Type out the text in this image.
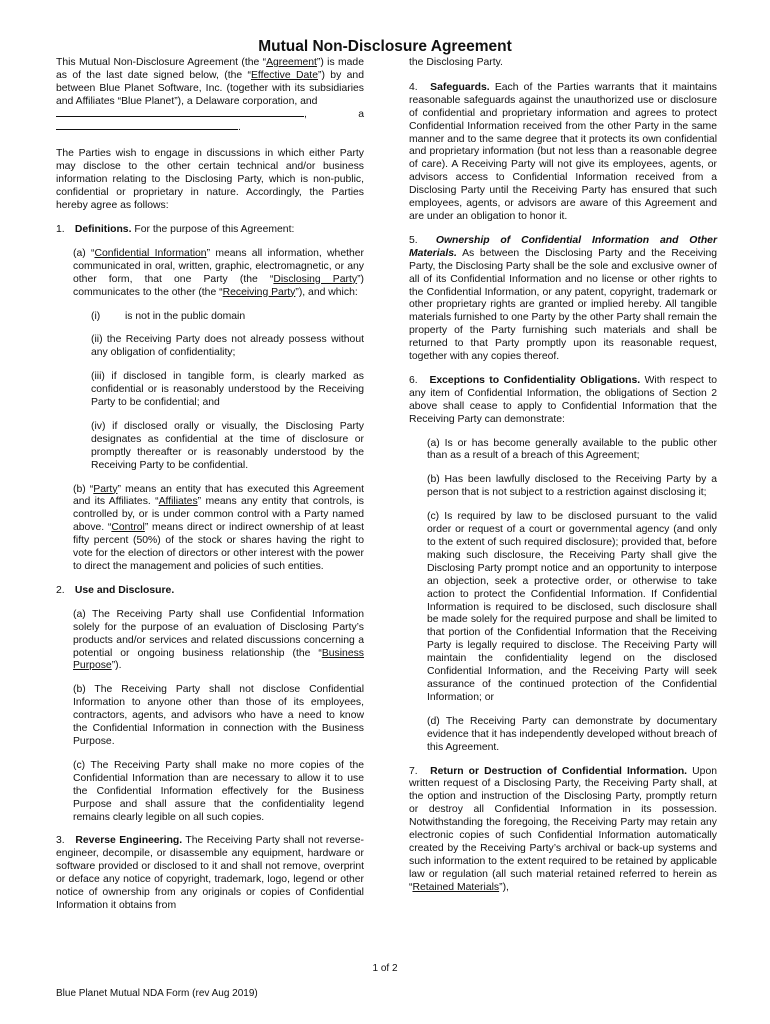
Mutual Non-Disclosure Agreement

This Mutual Non-Disclosure Agreement (the “Agreement”) is made as of the last date signed below, (the “Effective Date”) by and between Blue Planet Software, Inc. (together with its subsidiaries and Affiliates “Blue Planet”), a Delaware corporation, and
, a
.

The Parties wish to engage in discussions in which either Party may disclose to the other certain technical and/or business information relating to the Disclosing Party, which is non-public, confidential or proprietary in nature. Accordingly, the Parties hereby agree as follows:

1. Definitions. For the purpose of this Agreement:

(a) “Confidential Information” means all information, whether communicated in oral, written, graphic, electromagnetic, or any other form, that one Party (the “Disclosing Party”) communicates to the other (the “Receiving Party”), and which:

(i) is not in the public domain

(ii) the Receiving Party does not already possess without any obligation of confidentiality;

(iii) if disclosed in tangible form, is clearly marked as confidential or is reasonably understood by the Receiving Party to be confidential; and

(iv) if disclosed orally or visually, the Disclosing Party designates as confidential at the time of disclosure or promptly thereafter or is reasonably understood by the Receiving Party to be confidential.

(b) “Party” means an entity that has executed this Agreement and its Affiliates. “Affiliates” means any entity that controls, is controlled by, or is under common control with a Party named above. “Control” means direct or indirect ownership of at least fifty percent (50%) of the stock or shares having the right to vote for the election of directors or other interest with the power to direct the management and policies of such entities.

2. Use and Disclosure.

(a) The Receiving Party shall use Confidential Information solely for the purpose of an evaluation of Disclosing Party’s products and/or services and related discussions concerning a potential or ongoing business relationship (the “Business Purpose”).

(b) The Receiving Party shall not disclose Confidential Information to anyone other than those of its employees, contractors, agents, and advisors who have a need to know the Confidential Information in connection with the Business Purpose.

(c) The Receiving Party shall make no more copies of the Confidential Information than are necessary to allow it to use the Confidential Information effectively for the Business Purpose and shall assure that the confidentiality legend remains clearly legible on all such copies.

3. Reverse Engineering. The Receiving Party shall not reverse-engineer, decompile, or disassemble any equipment, hardware or software provided or disclosed to it and shall not remove, overprint or deface any notice of copyright, trademark, logo, legend or other notice of ownership from any originals or copies of Confidential Information it obtains from

the Disclosing Party.

4. Safeguards. Each of the Parties warrants that it maintains reasonable safeguards against the unauthorized use or disclosure of confidential and proprietary information and agrees to protect Confidential Information received from the other Party in the same manner and to the same degree that it protects its own confidential and proprietary information (but not less than a reasonable degree of care). A Receiving Party will not give its employees, agents, or advisors access to Confidential Information received from a Disclosing Party until the Receiving Party has ensured that such employees, agents, or advisors are aware of this Agreement and are under an obligation to honor it.

5. Ownership of Confidential Information and Other Materials. As between the Disclosing Party and the Receiving Party, the Disclosing Party shall be the sole and exclusive owner of all of its Confidential Information and no license or other rights to the Confidential Information, or any patent, copyright, trademark or other proprietary rights are granted or implied hereby. All tangible materials furnished to one Party by the other Party shall remain the property of the Party furnishing such materials and shall be returned to that Party promptly upon its reasonable request, together with any copies thereof.

6. Exceptions to Confidentiality Obligations. With respect to any item of Confidential Information, the obligations of Section 2 above shall cease to apply to Confidential Information that the Receiving Party can demonstrate:

(a) Is or has become generally available to the public other than as a result of a breach of this Agreement;

(b) Has been lawfully disclosed to the Receiving Party by a person that is not subject to a restriction against disclosing it;

(c) Is required by law to be disclosed pursuant to the valid order or request of a court or governmental agency (and only to the extent of such required disclosure); provided that, before making such disclosure, the Receiving Party shall give the Disclosing Party prompt notice and an opportunity to interpose an objection, seek a protective order, or otherwise to take action to protect the Confidential Information. If Confidential Information is required to be disclosed, such disclosure shall be made solely for the required purpose and shall be limited to that portion of the Confidential Information that the Receiving Party is legally required to disclose. The Receiving Party will maintain the confidentiality legend on the disclosed Confidential Information, and the Receiving Party will seek assurance of the continued protection of the Confidential Information; or

(d) The Receiving Party can demonstrate by documentary evidence that it has independently developed without breach of this Agreement.

7. Return or Destruction of Confidential Information. Upon written request of a Disclosing Party, the Receiving Party shall, at the option and instruction of the Disclosing Party, promptly return or destroy all Confidential Information in its possession. Notwithstanding the foregoing, the Receiving Party may retain any electronic copies of such Confidential Information automatically created by the Receiving Party’s archival or back-up systems and such information to the extent required to be retained by applicable law or regulation (all such material retained referred to herein as “Retained Materials”),

1 of 2
Blue Planet Mutual NDA Form (rev Aug 2019)
